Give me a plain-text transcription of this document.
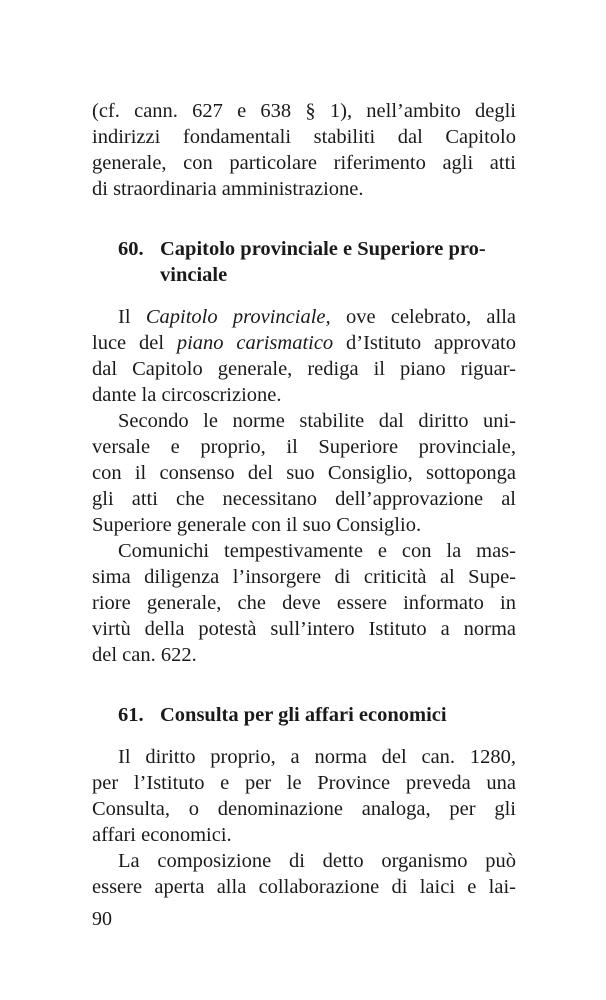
(cf. cann. 627 e 638 § 1), nell’ambito degli
indirizzi fondamentali stabiliti dal Capitolo
generale, con particolare riferimento agli atti
di straordinaria amministrazione.

60. Capitolo provinciale e Superiore pro-
vinciale

Il Capitolo provinciale, ove celebrato, alla
luce del piano carismatico d’Istituto approvato
dal Capitolo generale, rediga il piano riguar-
dante la circoscrizione.

Secondo le norme stabilite dal diritto uni-
versale e proprio, il Superiore provinciale,
con il consenso del suo Consiglio, sottoponga
gli atti che necessitano dell’approvazione al
Superiore generale con il suo Consiglio.

Comunichi tempestivamente e con la mas-
sima diligenza l’insorgere di criticità al Supe-
riore generale, che deve essere informato in
virtù della potestà sull’intero Istituto a norma
del can. 622.

61. Consulta per gli affari economici

Il diritto proprio, a norma del can. 1280,
per l’Istituto e per le Province preveda una
Consulta, o denominazione analoga, per gli
affari economici.

La composizione di detto organismo può
essere aperta alla collaborazione di laici e lai-

90
